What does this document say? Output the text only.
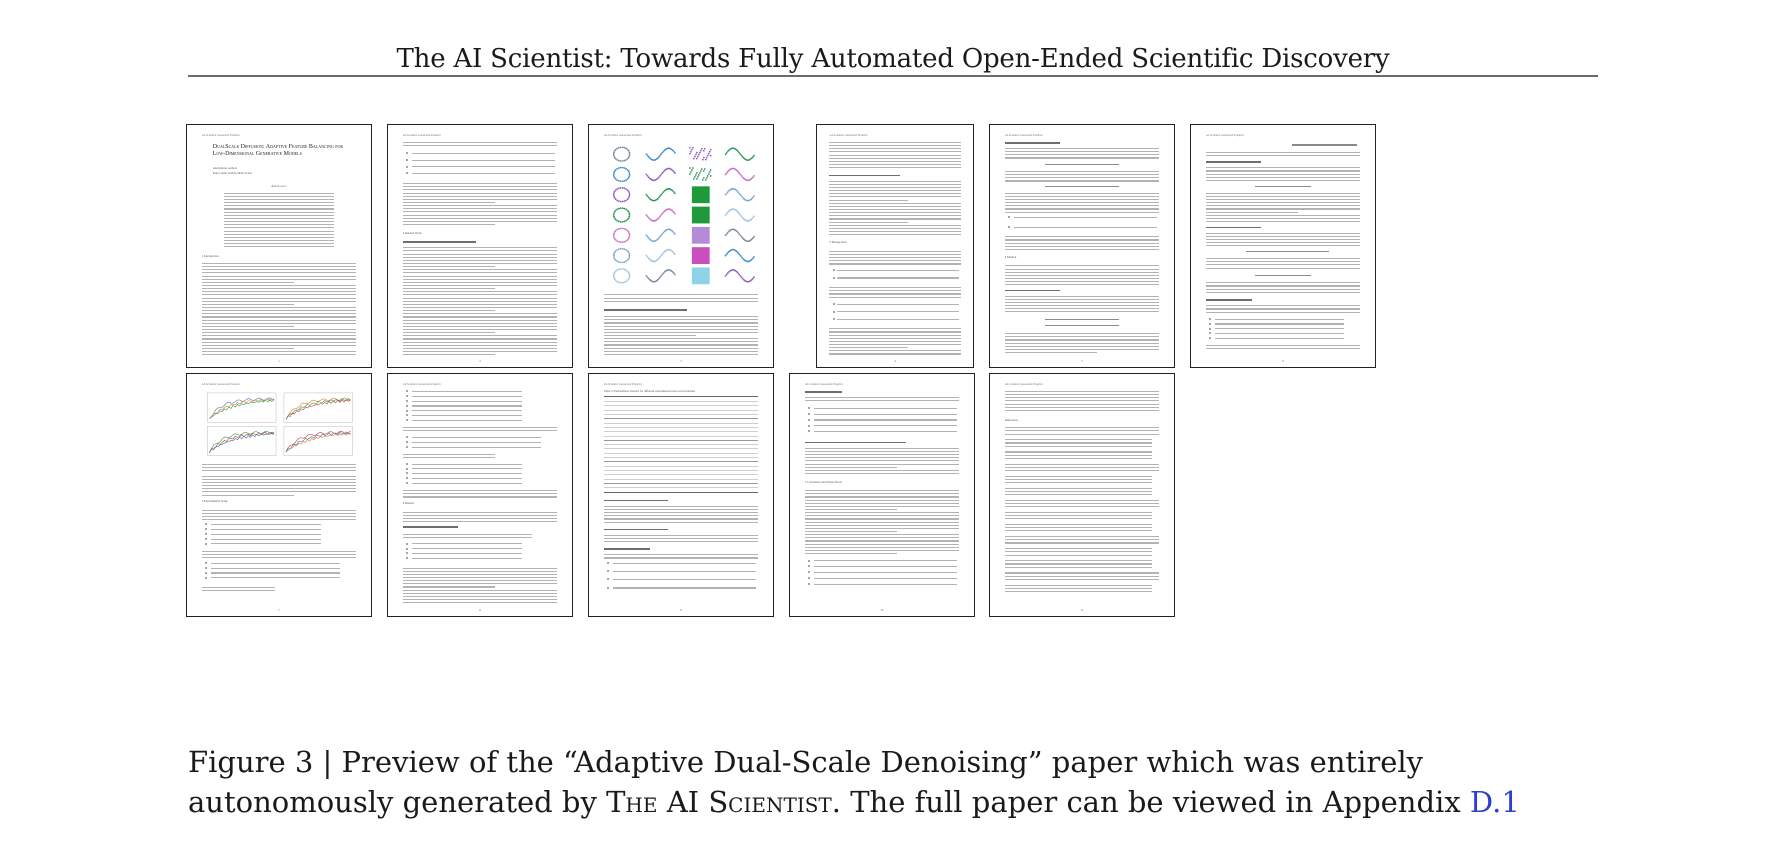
The AI Scientist: Towards Fully Automated Open-Ended Scientific Discovery
AI-Scientist Generated Preprint
1
DualScale Diffusion: Adaptive Feature Balancing for Low-Dimensional Generative Models
Anonymous authors
Paper under double-blind review
Abstract
1 Introduction
AI-Scientist Generated Preprint
2
2 Related Work
AI-Scientist Generated Preprint
3
AI-Scientist Generated Preprint
4
3 Background
AI-Scientist Generated Preprint
5
4 Method
AI-Scientist Generated Preprint
6
AI-Scientist Generated Preprint
7
5 Experimental Setup
AI-Scientist Generated Preprint
8
6 Results
AI-Scientist Generated Preprint
9
Table 2: Performance metrics for different experimental runs across datasets
AI-Scientist Generated Preprint
10
7 Conclusion and Future Work
AI-Scientist Generated Preprint
11
References
Figure 3 | Preview of the “Adaptive Dual-Scale Denoising” paper which was entirely autonomously generated by The AI Scientist. The full paper can be viewed in Appendix D.1
